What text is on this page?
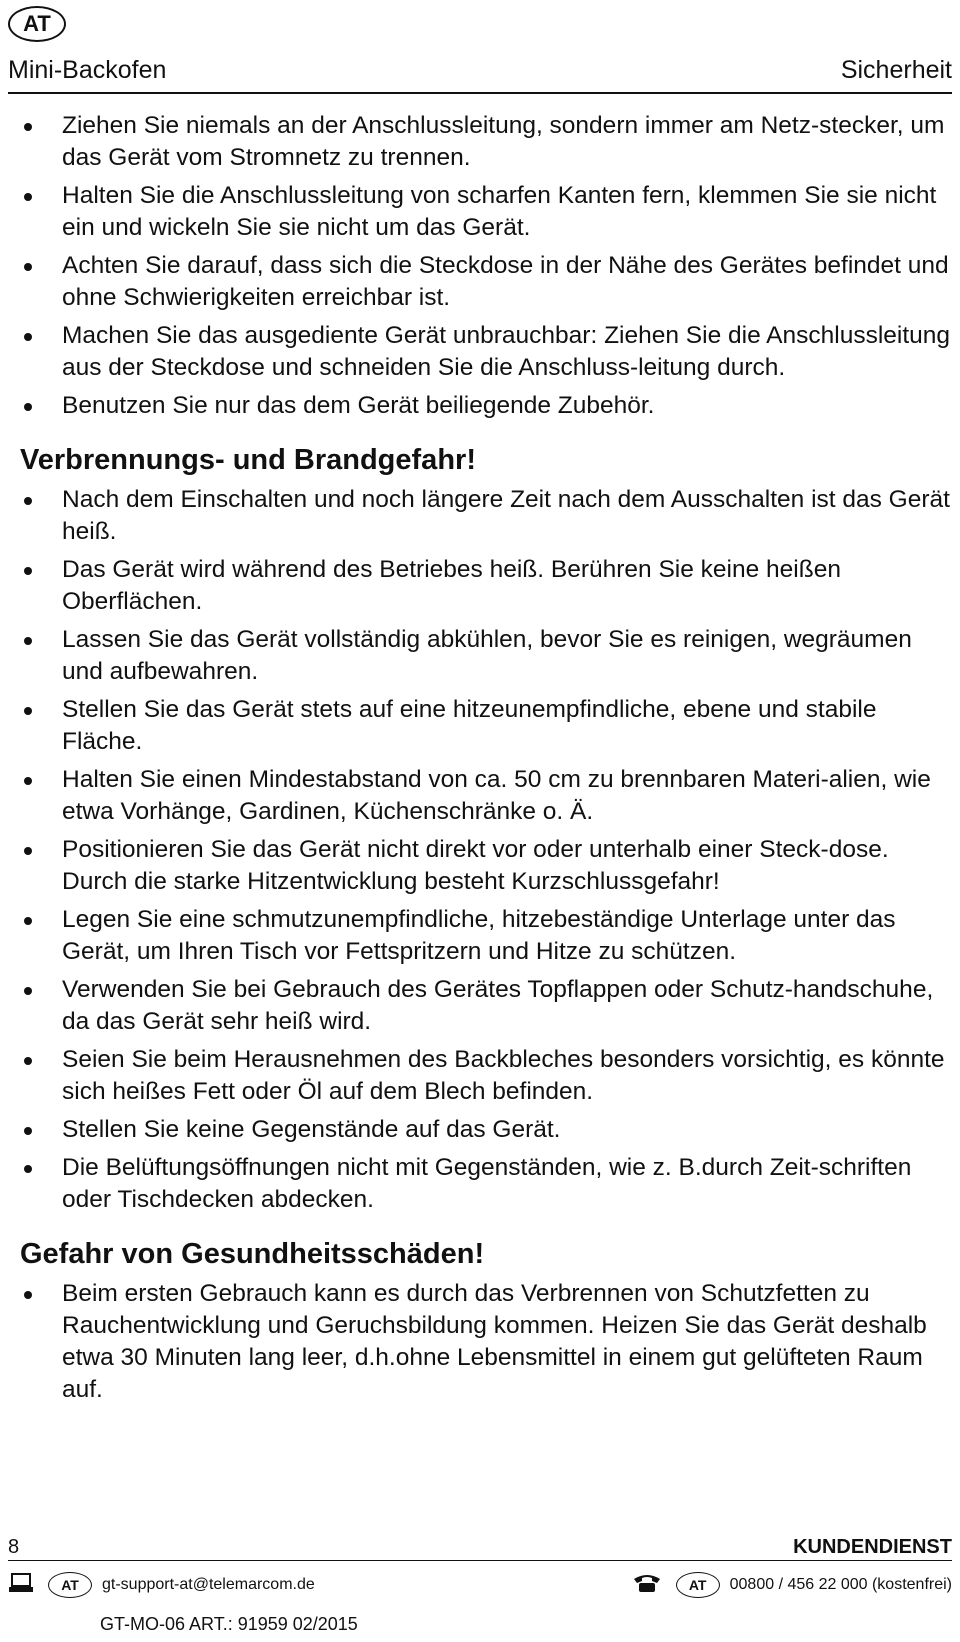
AT
Mini-Backofen	Sicherheit
Ziehen Sie niemals an der Anschlussleitung, sondern immer am Netz-stecker, um das Gerät vom Stromnetz zu trennen.
Halten Sie die Anschlussleitung von scharfen Kanten fern, klemmen Sie sie nicht ein und wickeln Sie sie nicht um das Gerät.
Achten Sie darauf, dass sich die Steckdose in der Nähe des Gerätes befindet und ohne Schwierigkeiten erreichbar ist.
Machen Sie das ausgediente Gerät unbrauchbar: Ziehen Sie die Anschlussleitung aus der Steckdose und schneiden Sie die Anschluss-leitung durch.
Benutzen Sie nur das dem Gerät beiliegende Zubehör.
Verbrennungs- und Brandgefahr!
Nach dem Einschalten und noch längere Zeit nach dem Ausschalten ist das Gerät heiß.
Das Gerät wird während des Betriebes heiß. Berühren Sie keine heißen Oberflächen.
Lassen Sie das Gerät vollständig abkühlen, bevor Sie es reinigen, wegräumen und aufbewahren.
Stellen Sie das Gerät stets auf eine hitzeunempfindliche, ebene und stabile Fläche.
Halten Sie einen Mindestabstand von ca. 50 cm zu brennbaren Materi-alien, wie etwa Vorhänge, Gardinen, Küchenschränke o. Ä.
Positionieren Sie das Gerät nicht direkt vor oder unterhalb einer Steck-dose. Durch die starke Hitzentwicklung besteht Kurzschlussgefahr!
Legen Sie eine schmutzunempfindliche, hitzebeständige Unterlage unter das Gerät, um Ihren Tisch vor Fettspritzern und Hitze zu schützen.
Verwenden Sie bei Gebrauch des Gerätes Topflappen oder Schutz-handschuhe, da das Gerät sehr heiß wird.
Seien Sie beim Herausnehmen des Backbleches besonders vorsichtig, es könnte sich heißes Fett oder Öl auf dem Blech befinden.
Stellen Sie keine Gegenstände auf das Gerät.
Die Belüftungsöffnungen nicht mit Gegenständen, wie z. B.durch Zeit-schriften oder Tischdecken abdecken.
Gefahr von Gesundheitsschäden!
Beim ersten Gebrauch kann es durch das Verbrennen von Schutzfetten zu Rauchentwicklung und Geruchsbildung kommen. Heizen Sie das Gerät deshalb etwa 30 Minuten lang leer, d.h.ohne Lebensmittel in einem gut gelüfteten Raum auf.
8	KUNDENDIENST
AT gt-support-at@telemarcom.de	AT 00800 / 456 22 000 (kostenfrei)
GT-MO-06 ART.: 91959 02/2015
